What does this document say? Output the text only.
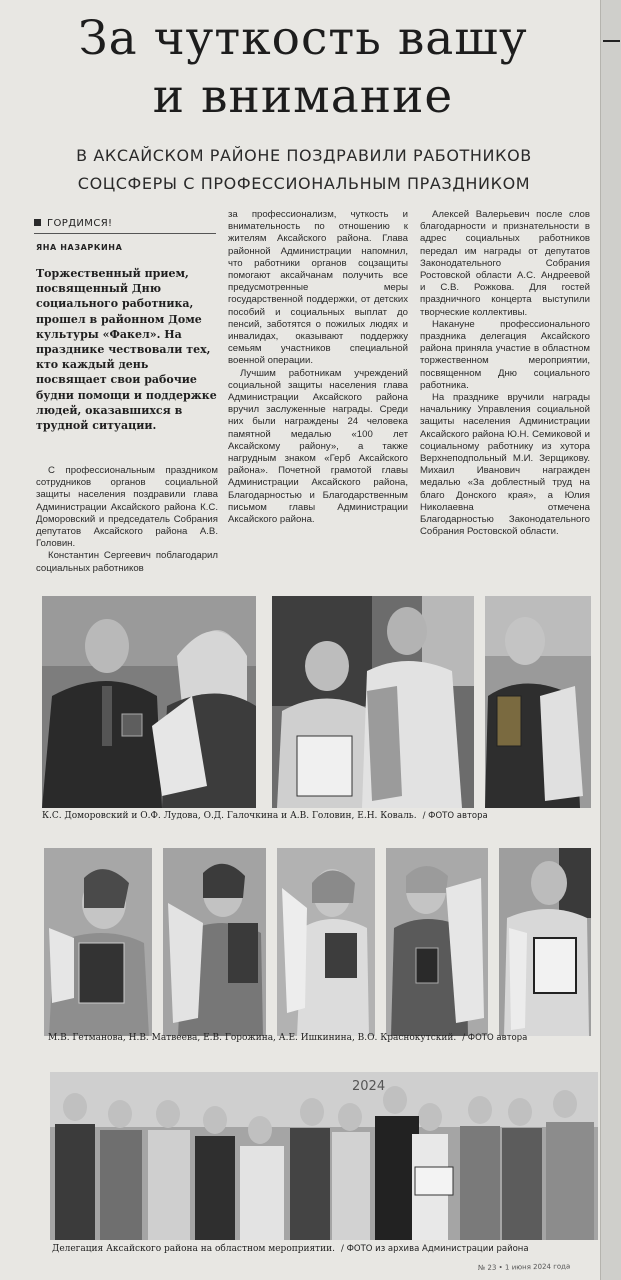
За чуткость вашу
и внимание
В АКСАЙСКОМ РАЙОНЕ ПОЗДРАВИЛИ РАБОТНИКОВ
СОЦСФЕРЫ С ПРОФЕССИОНАЛЬНЫМ ПРАЗДНИКОМ
ГОРДИМСЯ!
ЯНА НАЗАРКИНА

Торжественный прием, посвященный Дню социального работника, прошел в районном Доме культуры «Факел». На празднике чествовали тех, кто каждый день посвящает свои рабочие будни помощи и поддержке людей, оказавшихся в трудной ситуации.

С профессиональным праздником сотрудников органов социальной защиты населения поздравили глава Администрации Аксайского района К.С. Доморовский и председатель Собрания депутатов Аксайского района А.В. Головин.

Константин Сергеевич поблагодарил социальных работников

за профессионализм, чуткость и внимательность по отношению к жителям Аксайского района. Глава районной Администрации напомнил, что работники органов соцзащиты помогают аксайчанам получить все предусмотренные меры государственной поддержки, от детских пособий и социальных выплат до пенсий, заботятся о пожилых людях и инвалидах, оказывают поддержку семьям участников специальной военной операции.

Лучшим работникам учреждений социальной защиты населения глава Администрации Аксайского района вручил заслуженные награды. Среди них были награждены 24 человека памятной медалью «100 лет Аксайскому району», а также нагрудным знаком «Герб Аксайского района». Почетной грамотой главы Администрации Аксайского района, Благодарностью и Благодарственным письмом главы Администрации Аксайского района.

Алексей Валерьевич после слов благодарности и признательности в адрес социальных работников передал им награды от депутатов Законодательного Собрания Ростовской области А.С. Андреевой и С.В. Рожкова. Для гостей праздничного концерта выступили творческие коллективы.

Накануне профессионального праздника делегация Аксайского района приняла участие в областном торжественном мероприятии, посвященном Дню социального работника.

На празднике вручили награды начальнику Управления социальной защиты населения Администрации Аксайского района Ю.Н. Семиковой и социальному работнику из хутора Верхнеподпольный М.И. Зерщикову. Михаил Иванович награжден медалью «За доблестный труд на благо Донского края», а Юлия Николаевна отмечена Благодарностью Законодательного Собрания Ростовской области.

К.С. Доморовский и О.Ф. Лудова, О.Д. Галочкина и А.В. Головин, Е.Н. Коваль. / ФОТО автора
М.В. Гетманова, Н.В. Матвеева, Е.В. Горожина, А.Е. Ишкинина, В.О. Краснокутский. / ФОТО автора
2024
Делегация Аксайского района на областном мероприятии. / ФОТО из архива Администрации района
№ 23 • 1 июня 2024 года
